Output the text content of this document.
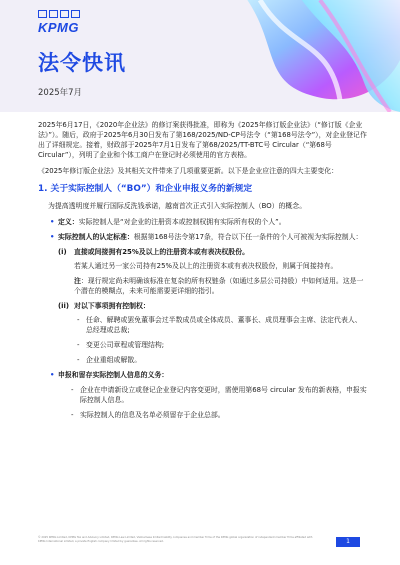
KPMG
法令快讯
2025年7月

2025年6月17日，《2020年企业法》的修订案获得批准，即称为《2025年修订版企业法》（“修订版《企业法》”）。随后，政府于2025年6月30日发布了第168/2025/ND-CP号法令（“第168号法令”），对企业登记作出了详细规定。接着，财政部于2025年7月1日发布了第68/2025/TT-BTC号 Circular（“第68号 Circular”），列明了企业和个体工商户在登记时必须使用的官方表格。

《2025年修订版企业法》及其相关文件带来了几项重要更新。以下是企业应注意的四大主要变化：

1. 关于实际控制人（“BO”）和企业申报义务的新规定

为提高透明度并履行国际反洗钱承诺，越南首次正式引入实际控制人（BO）的概念。

• 定义：实际控制人是“对企业的注册资本或控制权拥有实际所有权的个人”。
• 实际控制人的认定标准：根据第168号法令第17条，符合以下任一条件的个人可被视为实际控制人：
(i) 直接或间接拥有25%及以上的注册资本或有表决权股份。

若某人通过另一家公司持有25%及以上的注册资本或有表决权股份，则属于间接持有。

注：现行规定尚未明确该标准在复杂的所有权链条（如通过多层公司持股）中如何适用。这是一个潜在的模糊点，未来可能需要更详细的指引。

(ii) 对以下事项拥有控制权：
- 任命、解聘或罢免董事会过半数成员或全体成员、董事长、成员理事会主席、法定代表人、总经理或总裁;
- 变更公司章程或管理结构;
- 企业重组或解散。
• 申报和留存实际控制人信息的义务：
- 企业在申请新设立或登记企业登记内容变更时，需使用第68号 circular 发布的新表格，申报实际控制人信息。
- 实际控制人的信息及名单必须留存于企业总部。
© 2025 KPMG Limited, KPMG Tax and Advisory Limited, KPMG Law Limited, Vietnamese limited liability companies and member firms of the KPMG global organization of independent member firms affiliated with KPMG International Limited, a private English company limited by guarantee. All rights reserved.	1
